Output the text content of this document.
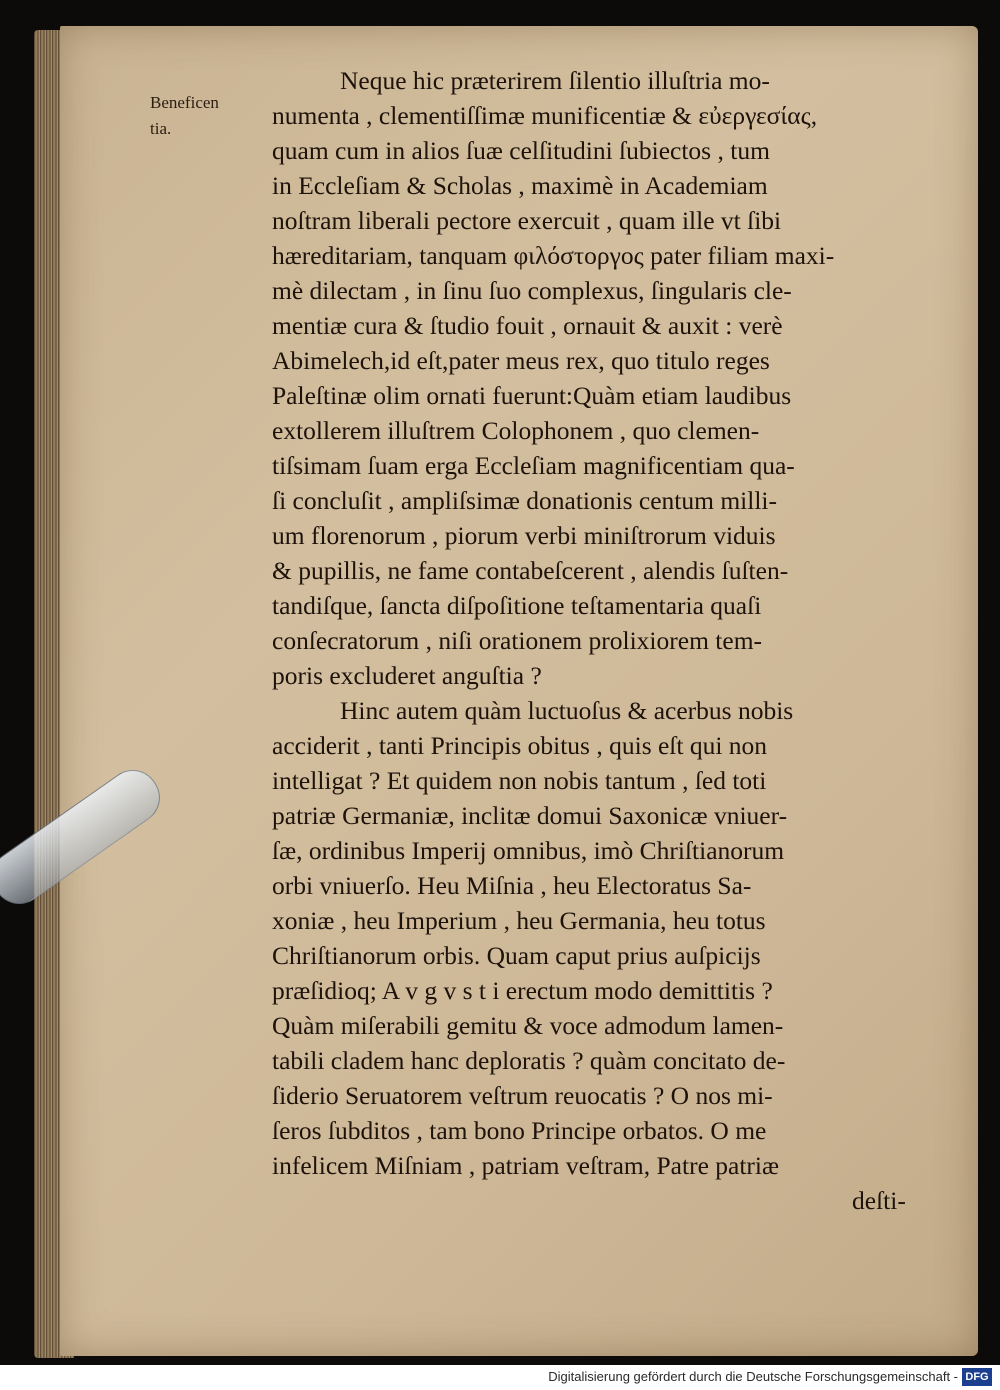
Beneficen
tia.
Neque hic præterirem ſilentio illuſtria mo-
numenta , clementiſſimæ munificentiæ & εὐεργεσίας,
quam cum in alios ſuæ celſitudini ſubiectos , tum
in Eccleſiam & Scholas , maximè in Academiam
noſtram liberali pectore exercuit , quam ille vt ſibi
hæreditariam, tanquam φιλόστοργος pater filiam maxi-
mè dilectam , in ſinu ſuo complexus, ſingularis cle-
mentiæ cura & ſtudio fouit , ornauit & auxit : verè
Abimelech,id eſt,pater meus rex, quo titulo reges
Paleſtinæ olim ornati fuerunt:Quàm etiam laudibus
extollerem illuſtrem Colophonem , quo clemen-
tiſsimam ſuam erga Eccleſiam magnificentiam qua-
ſi concluſit , ampliſsimæ donationis centum milli-
um florenorum , piorum verbi miniſtrorum viduis
& pupillis, ne fame contabeſcerent , alendis ſuſten-
tandiſque, ſancta diſpoſitione teſtamentaria quaſi
conſecratorum , niſi orationem prolixiorem tem-
poris excluderet anguſtia ?
Hinc autem quàm luctuoſus & acerbus nobis
acciderit , tanti Principis obitus , quis eſt qui non
intelligat ? Et quidem non nobis tantum , ſed toti
patriæ Germaniæ, inclitæ domui Saxonicæ vniuer-
ſæ, ordinibus Imperij omnibus, imò Chriſtianorum
orbi vniuerſo. Heu Miſnia , heu Electoratus Sa-
xoniæ , heu Imperium , heu Germania, heu totus
Chriſtianorum orbis. Quam caput prius auſpicijs
præſidioq; A v g v s t i erectum modo demittitis ?
Quàm miſerabili gemitu & voce admodum lamen-
tabili cladem hanc deploratis ? quàm concitato de-
ſiderio Seruatorem veſtrum reuocatis ? O nos mi-
ſeros ſubditos , tam bono Principe orbatos. O me
infelicem Miſniam , patriam veſtram, Patre patriæ
deſti-
Digitalisierung gefördert durch die Deutsche Forschungsgemeinschaft - DFG
